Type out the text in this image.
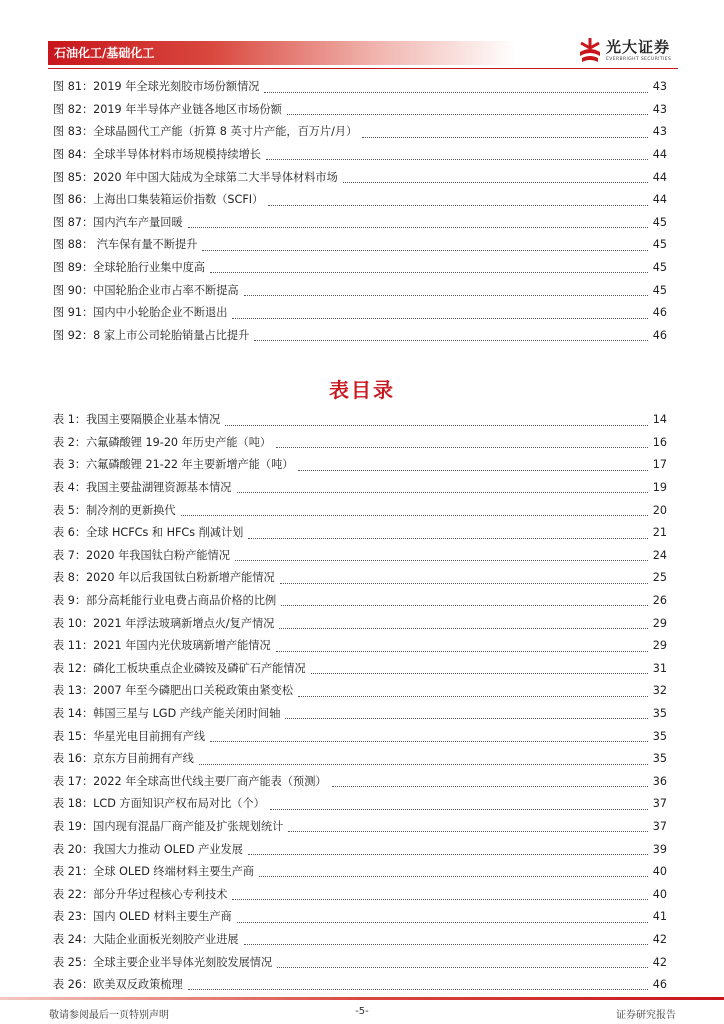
石油化工/基础化工	光大证券
EVERBRIGHT SECURITIES
图 81：2019 年全球光刻胶市场份额情况	43
图 82：2019 年半导体产业链各地区市场份额	43
图 83：全球晶圆代工产能（折算 8 英寸片产能，百万片/月）	43
图 84：全球半导体材料市场规模持续增长	44
图 85：2020 年中国大陆成为全球第二大半导体材料市场	44
图 86：上海出口集装箱运价指数（SCFI）	44
图 87：国内汽车产量回暖	45
图 88： 汽车保有量不断提升	45
图 89：全球轮胎行业集中度高	45
图 90：中国轮胎企业市占率不断提高	45
图 91：国内中小轮胎企业不断退出	46
图 92：8 家上市公司轮胎销量占比提升	46
表目录
表 1：我国主要隔膜企业基本情况	14
表 2：六氟磷酸锂 19-20 年历史产能（吨）	16
表 3：六氟磷酸锂 21-22 年主要新增产能（吨）	17
表 4：我国主要盐湖锂资源基本情况	19
表 5：制冷剂的更新换代	20
表 6：全球 HCFCs 和 HFCs 削减计划	21
表 7：2020 年我国钛白粉产能情况	24
表 8：2020 年以后我国钛白粉新增产能情况	25
表 9：部分高耗能行业电费占商品价格的比例	26
表 10：2021 年浮法玻璃新增点火/复产情况	29
表 11：2021 年国内光伏玻璃新增产能情况	29
表 12：磷化工板块重点企业磷铵及磷矿石产能情况	31
表 13：2007 年至今磷肥出口关税政策由紧变松	32
表 14：韩国三星与 LGD 产线产能关闭时间轴	35
表 15：华星光电目前拥有产线	35
表 16：京东方目前拥有产线	35
表 17：2022 年全球高世代线主要厂商产能表（预测）	36
表 18：LCD 方面知识产权布局对比（个）	37
表 19：国内现有混晶厂商产能及扩张规划统计	37
表 20：我国大力推动 OLED 产业发展	39
表 21：全球 OLED 终端材料主要生产商	40
表 22：部分升华过程核心专利技术	40
表 23：国内 OLED 材料主要生产商	41
表 24：大陆企业面板光刻胶产业进展	42
表 25：全球主要企业半导体光刻胶发展情况	42
表 26：欧美双反政策梳理	46
敬请参阅最后一页特别声明	-5-	证券研究报告
